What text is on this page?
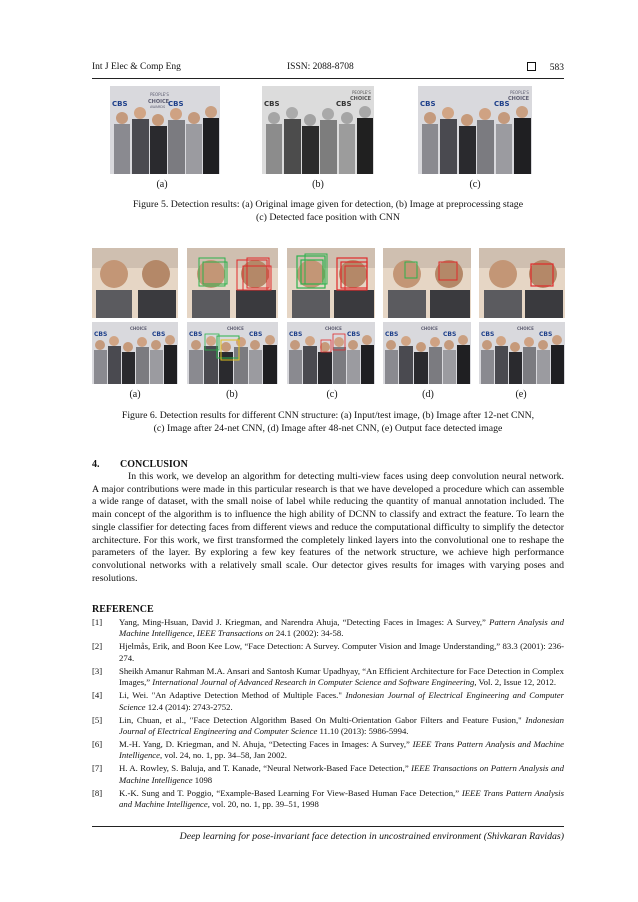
Int J Elec & Comp Eng	ISSN: 2088-8708	583
CBS	CBS
PEOPLE'S
CHOICE
AWARDS	CBS	CBS
PEOPLE'S
CHOICE
CBS	CBS
PEOPLE'S
CHOICE
(a)	(b)	(c)
Figure 5. Detection results: (a) Original image given for detection, (b) Image at preprocessing stage
(c) Detected face position with CNN
CBS	CBS
CHOICE
CBS	CBS
CHOICE
CBS	CBS
CHOICE
CBS	CBS
CHOICE
CBS	CBS
CHOICE
(a)	(b)	(c)	(d)	(e)
Figure 6. Detection results for different CNN structure: (a) Input/test image, (b) Image after 12-net CNN,
(c) Image after 24-net CNN, (d) Image after 48-net CNN, (e) Output face detected image
4. CONCLUSION
In this work, we develop an algorithm for detecting multi-view faces using deep convolution neural network. A major contributions were made in this particular research is that we have developed a procedure which can assemble a wide range of dataset, with the small noise of label while reducing the quantity of manual annotation included. The main concept of the algorithm is to influence the high ability of DCNN to classify and extract the feature. To learn the single classifier for detecting faces from different views and reduce the computational difficulty to simplify the detector architecture. For this work, we first transformed the completely linked layers into the convolutional one to reshape the parameters of the layer. By exploring a few key features of the network structure, we achieve high performance convolutional networks with a relatively small scale. Our detector gives results for images with varying poses and resolutions.
REFERENCE
[1]	Yang, Ming-Hsuan, David J. Kriegman, and Narendra Ahuja, “Detecting Faces in Images: A Survey,” Pattern Analysis and Machine Intelligence, IEEE Transactions on 24.1 (2002): 34-58.
[2]	Hjelmås, Erik, and Boon Kee Low, “Face Detection: A Survey. Computer Vision and Image Understanding,” 83.3 (2001): 236-274.
[3]	Sheikh Amanur Rahman M.A. Ansari and Santosh Kumar Upadhyay, “An Efficient Architecture for Face Detection in Complex Images,” International Journal of Advanced Research in Computer Science and Software Engineering, Vol. 2, Issue 12, 2012.
[4]	Li, Wei. "An Adaptive Detection Method of Multiple Faces." Indonesian Journal of Electrical Engineering and Computer Science 12.4 (2014): 2743-2752.
[5]	Lin, Chuan, et al., "Face Detection Algorithm Based On Multi-Orientation Gabor Filters and Feature Fusion," Indonesian Journal of Electrical Engineering and Computer Science 11.10 (2013): 5986-5994.
[6]	M.-H. Yang, D. Kriegman, and N. Ahuja, “Detecting Faces in Images: A Survey,” IEEE Trans Pattern Analysis and Machine Intelligence, vol. 24, no. 1, pp. 34–58, Jan 2002.
[7]	H. A. Rowley, S. Baluja, and T. Kanade, “Neural Network-Based Face Detection,” IEEE Transactions on Pattern Analysis and Machine Intelligence 1098
[8]	K.-K. Sung and T. Poggio, “Example-Based Learning For View-Based Human Face Detection,” IEEE Trans Pattern Analysis and Machine Intelligence, vol. 20, no. 1, pp. 39–51, 1998
Deep learning for pose-invariant face detection in uncostrained environment (Shivkaran Ravidas)
